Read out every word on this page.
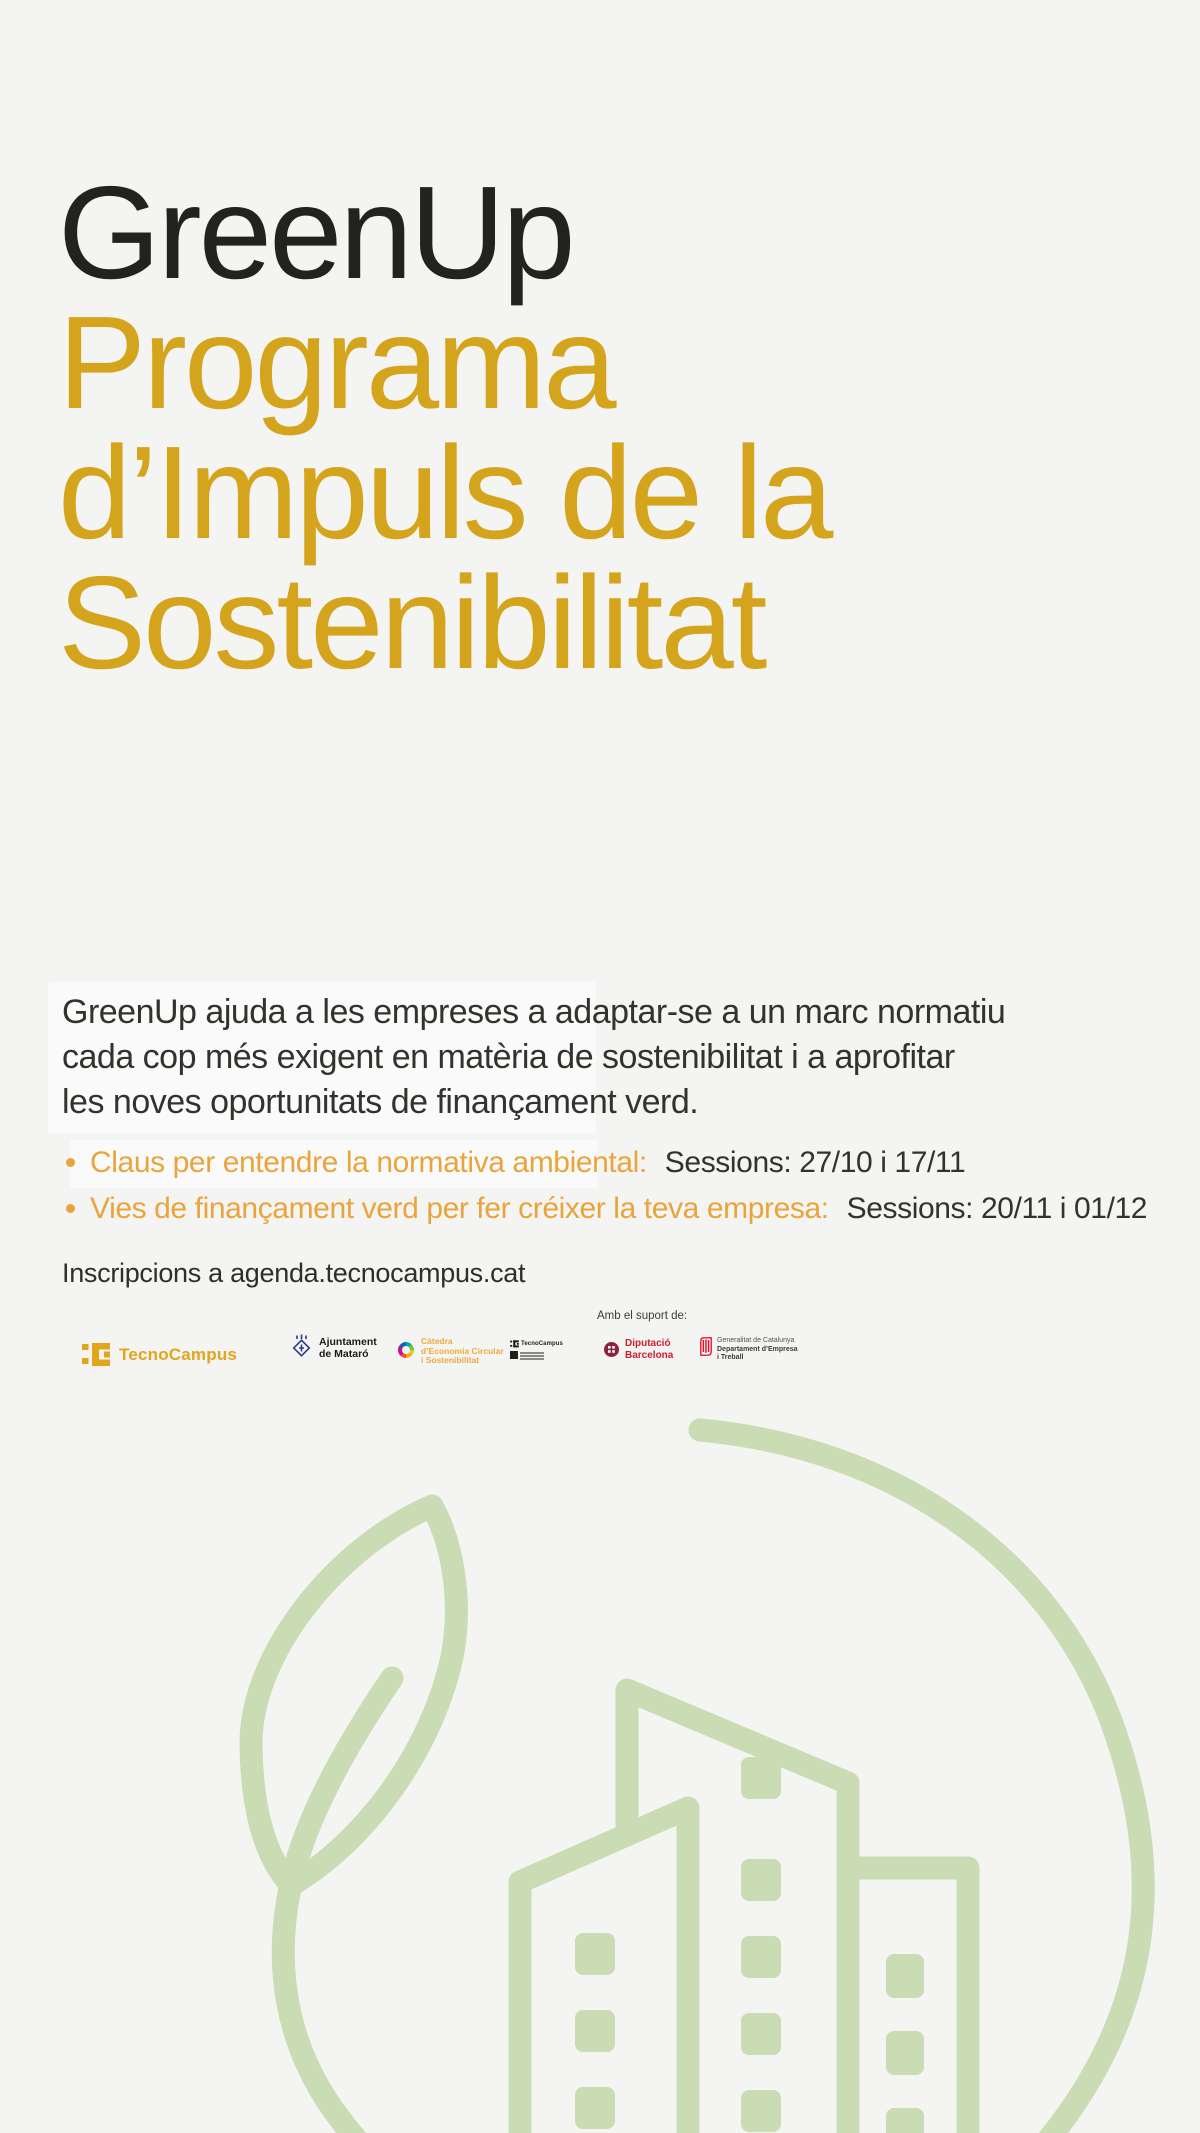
GreenUp
Programa
d’Impuls de la
Sostenibilitat
GreenUp ajuda a les empreses a adaptar-se a un marc normatiu
cada cop més exigent en matèria de sostenibilitat i a aprofitar
les noves oportunitats de finançament verd.
Claus per entendre la normativa ambiental: Sessions: 27/10 i 17/11
Vies de finançament verd per fer créixer la teva empresa: Sessions: 20/11 i 01/12
Inscripcions a agenda.tecnocampus.cat
TecnoCampus
Ajuntament
de Mataró
Càtedra
d’Economia Circular
i Sostenibilitat
TecnoCampus
Amb el suport de:
Diputació
Barcelona
Generalitat de Catalunya
Departament d’Empresa
i Treball
